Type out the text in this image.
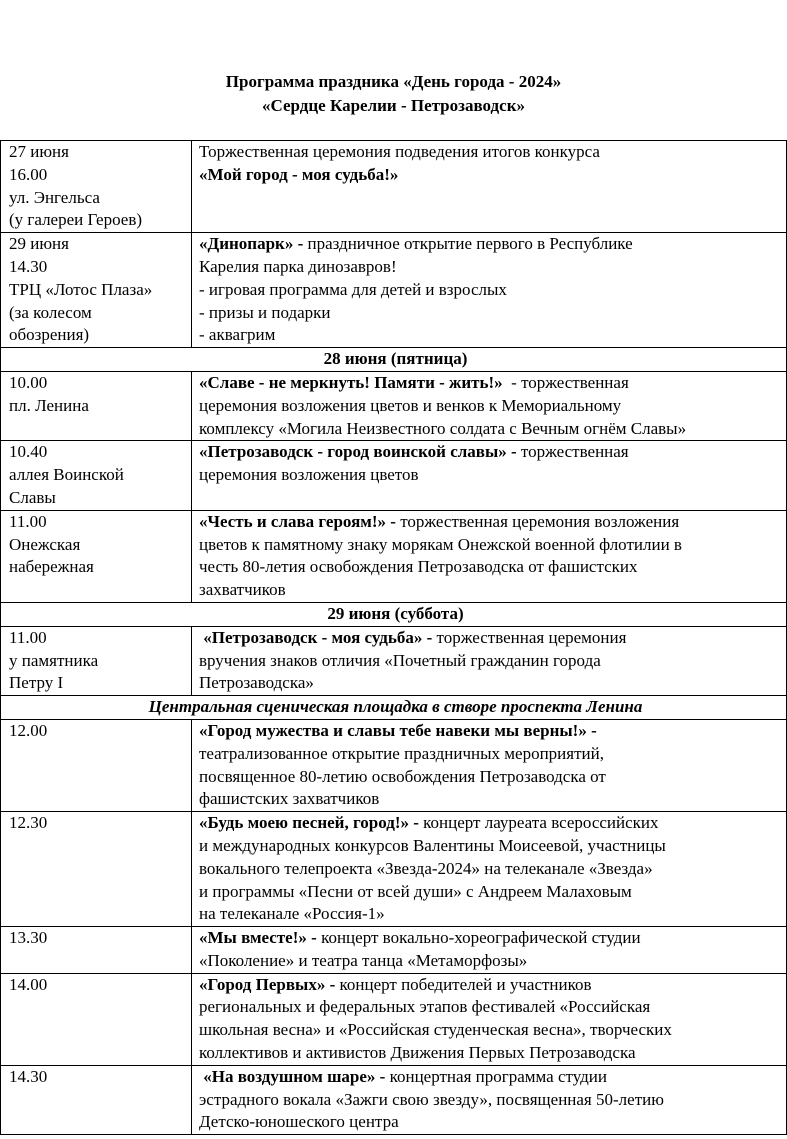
Программа праздника «День города - 2024»
«Сердце Карелии - Петрозаводск»
27 июня
16.00
ул. Энгельса
(у галереи Героев)	Торжественная церемония подведения итогов конкурса
«Мой город - моя судьба!»

29 июня
14.30
ТРЦ «Лотос Плаза»
(за колесом
обозрения)	«Динопарк» - праздничное открытие первого в Республике
Карелия парка динозавров!
- игровая программа для детей и взрослых
- призы и подарки
- аквагрим

28 июня (пятница)	

10.00
пл. Ленина	«Славе - не меркнуть! Памяти - жить!»  - торжественная
церемония возложения цветов и венков к Мемориальному
комплексу «Могила Неизвестного солдата с Вечным огнём Славы»

10.40
аллея Воинской
Славы	«Петрозаводск - город воинской славы» - торжественная
церемония возложения цветов

11.00
Онежская
набережная	«Честь и слава героям!» - торжественная церемония возложения
цветов к памятному знаку морякам Онежской военной флотилии в
честь 80-летия освобождения Петрозаводска от фашистских
захватчиков

29 июня (суббота)	

11.00
у памятника
Петру I	«Петрозаводск - моя судьба» - торжественная церемония
вручения знаков отличия «Почетный гражданин города
Петрозаводска»

Центральная сценическая площадка в створе проспекта Ленина	

12.00	«Город мужества и славы тебе навеки мы верны!» -
театрализованное открытие праздничных мероприятий,
посвященное 80-летию освобождения Петрозаводска от
фашистских захватчиков

12.30	«Будь моею песней, город!» - концерт лауреата всероссийских
и международных конкурсов Валентины Моисеевой, участницы
вокального телепроекта «Звезда-2024» на телеканале «Звезда»
и программы «Песни от всей души» с Андреем Малаховым
на телеканале «Россия-1»

13.30	«Мы вместе!» - концерт вокально-хореографической студии
«Поколение» и театра танца «Метаморфозы»

14.00	«Город Первых» - концерт победителей и участников
региональных и федеральных этапов фестивалей «Российская
школьная весна» и «Российская студенческая весна», творческих
коллективов и активистов Движения Первых Петрозаводска

14.30	«На воздушном шаре» - концертная программа студии
эстрадного вокала «Зажги свою звезду», посвященная 50-летию
Детско-юношеского центра
